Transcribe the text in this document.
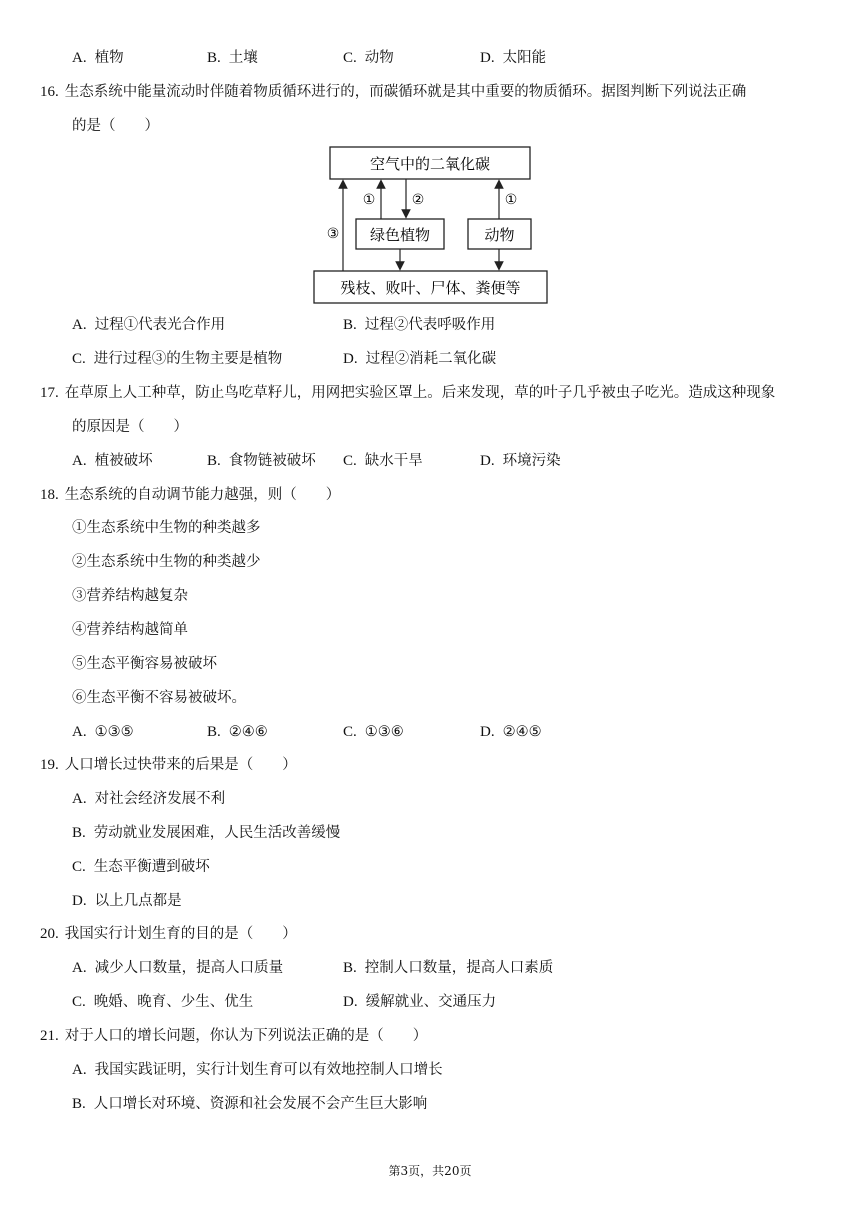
A. 植物	B. 土壤	C. 动物	D. 太阳能
16. 生态系统中能量流动时伴随着物质循环进行的，而碳循环就是其中重要的物质循环。据图判断下列说法正确
的是（　　）
空气中的二氧化碳
绿色植物	动物
残枝、败叶、尸体、粪便等
①	②	①
③
A. 过程①代表光合作用	B. 过程②代表呼吸作用
C. 进行过程③的生物主要是植物	D. 过程②消耗二氧化碳
17. 在草原上人工种草，防止鸟吃草籽儿，用网把实验区罩上。后来发现，草的叶子几乎被虫子吃光。造成这种现象
的原因是（　　）
A. 植被破坏	B. 食物链被破坏 C. 缺水干旱	D. 环境污染
18. 生态系统的自动调节能力越强，则（　　）
①生态系统中生物的种类越多
②生态系统中生物的种类越少
③营养结构越复杂
④营养结构越简单
⑤生态平衡容易被破坏
⑥生态平衡不容易被破坏。
A. ①③⑤	B. ②④⑥	C. ①③⑥	D. ②④⑤
19. 人口增长过快带来的后果是（　　）
A. 对社会经济发展不利
B. 劳动就业发展困难，人民生活改善缓慢
C. 生态平衡遭到破坏
D. 以上几点都是
20. 我国实行计划生育的目的是（　　）
A. 减少人口数量，提高人口质量	B. 控制人口数量，提高人口素质
C. 晚婚、晚育、少生、优生	D. 缓解就业、交通压力
21. 对于人口的增长问题，你认为下列说法正确的是（　　）
A. 我国实践证明，实行计划生育可以有效地控制人口增长
B. 人口增长对环境、资源和社会发展不会产生巨大影响
第3页，共20页
